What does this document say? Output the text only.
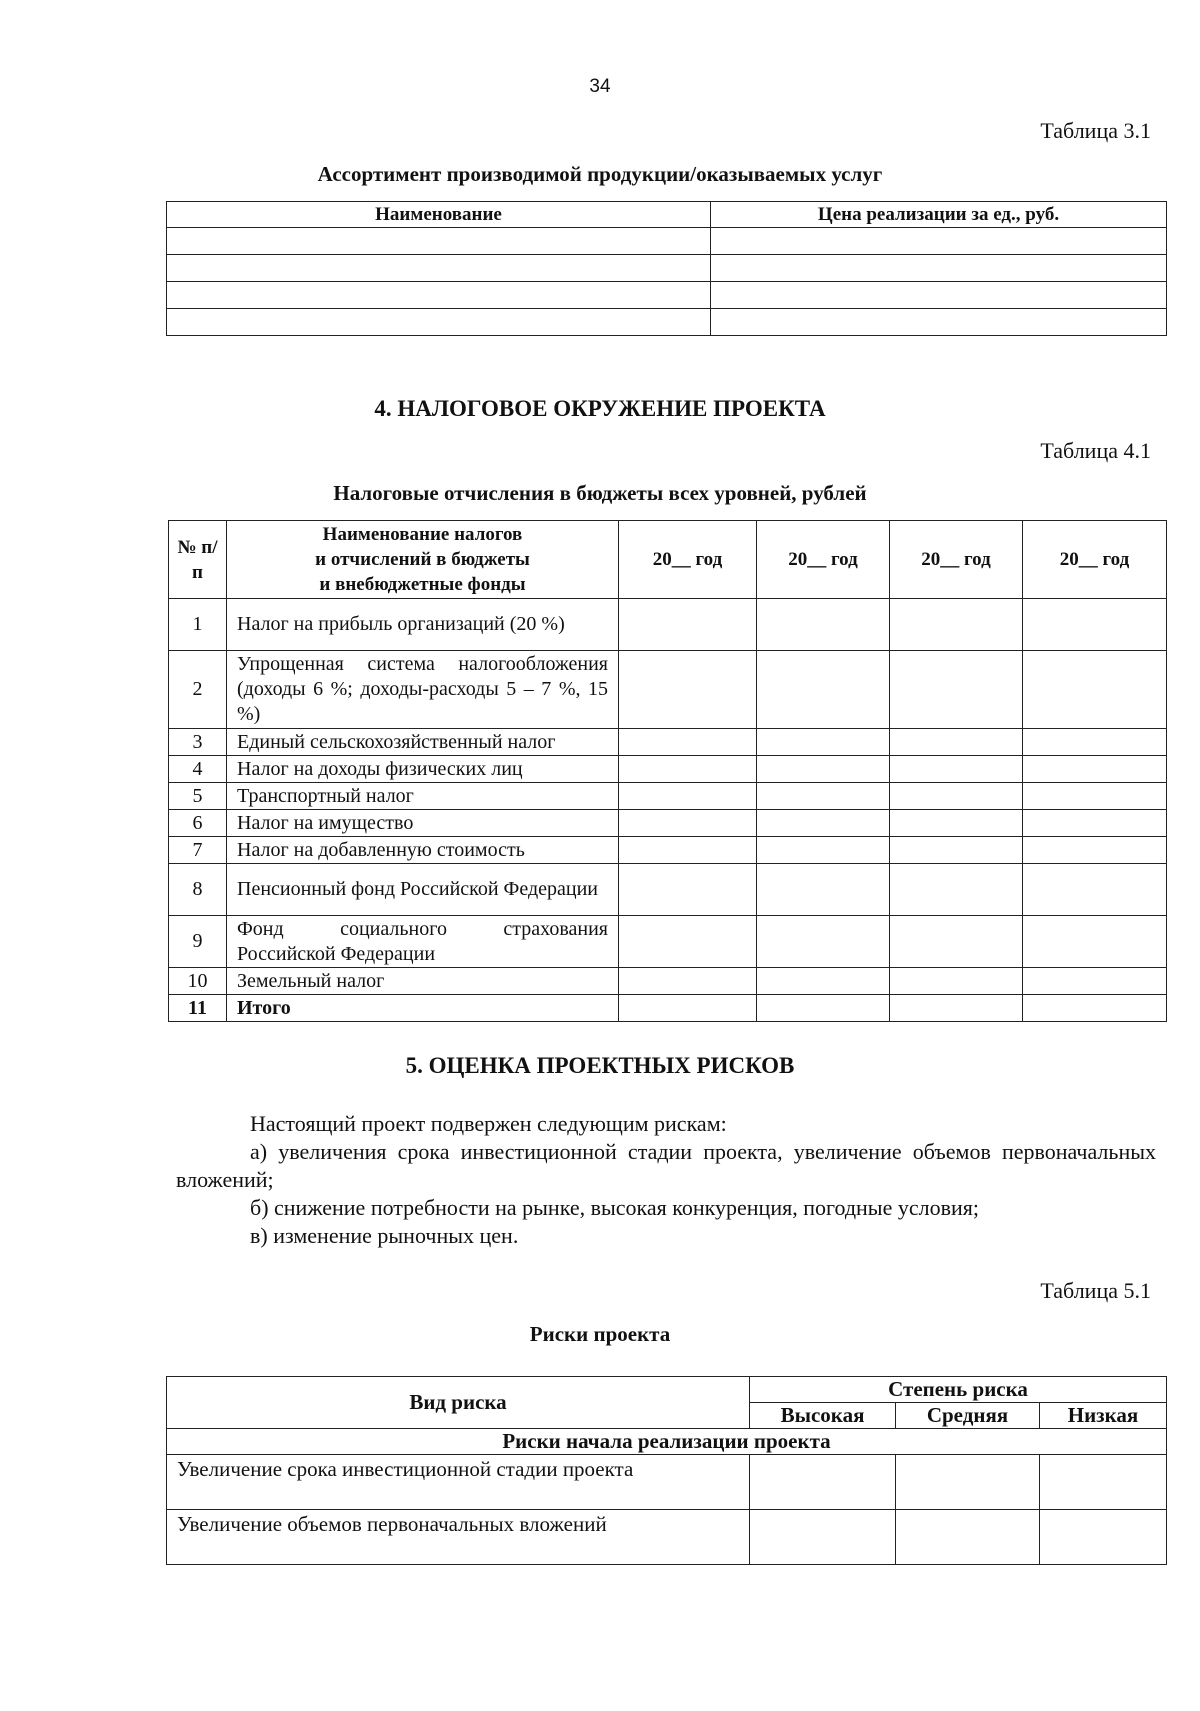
34
Таблица 3.1
Ассортимент производимой продукции/оказываемых услуг
Наименование	Цена реализации за ед., руб.

4. НАЛОГОВОЕ ОКРУЖЕНИЕ ПРОЕКТА
Таблица 4.1
Налоговые отчисления в бюджеты всех уровней, рублей
№ п/п	Наименование налогов
и отчислений в бюджеты
и внебюджетные фонды	20__ год	20__ год	20__ год	20__ год
1	Налог на прибыль организаций (20 %)				
2	Упрощенная система налогообложения (доходы 6 %; доходы-расходы 5 – 7 %, 15 %)				
3	Единый сельскохозяйственный налог				
4	Налог на доходы физических лиц				
5	Транспортный налог				
6	Налог на имущество				
7	Налог на добавленную стоимость				
8	Пенсионный фонд Российской Федерации				
9	Фонд социального страхования Российской Федерации				
10	Земельный налог				
11	Итого				
5. ОЦЕНКА ПРОЕКТНЫХ РИСКОВ
Настоящий проект подвержен следующим рискам:
а) увеличения срока инвестиционной стадии проекта, увеличение объемов первоначальных вложений;
б) снижение потребности на рынке, высокая конкуренция, погодные условия;
в) изменение рыночных цен.
Таблица 5.1
Риски проекта
Вид риска	Степень риска		
	Высокая	Средняя	Низкая
Риски начала реализации проекта			
Увеличение срока инвестиционной стадии проекта			
Увеличение объемов первоначальных вложений			
